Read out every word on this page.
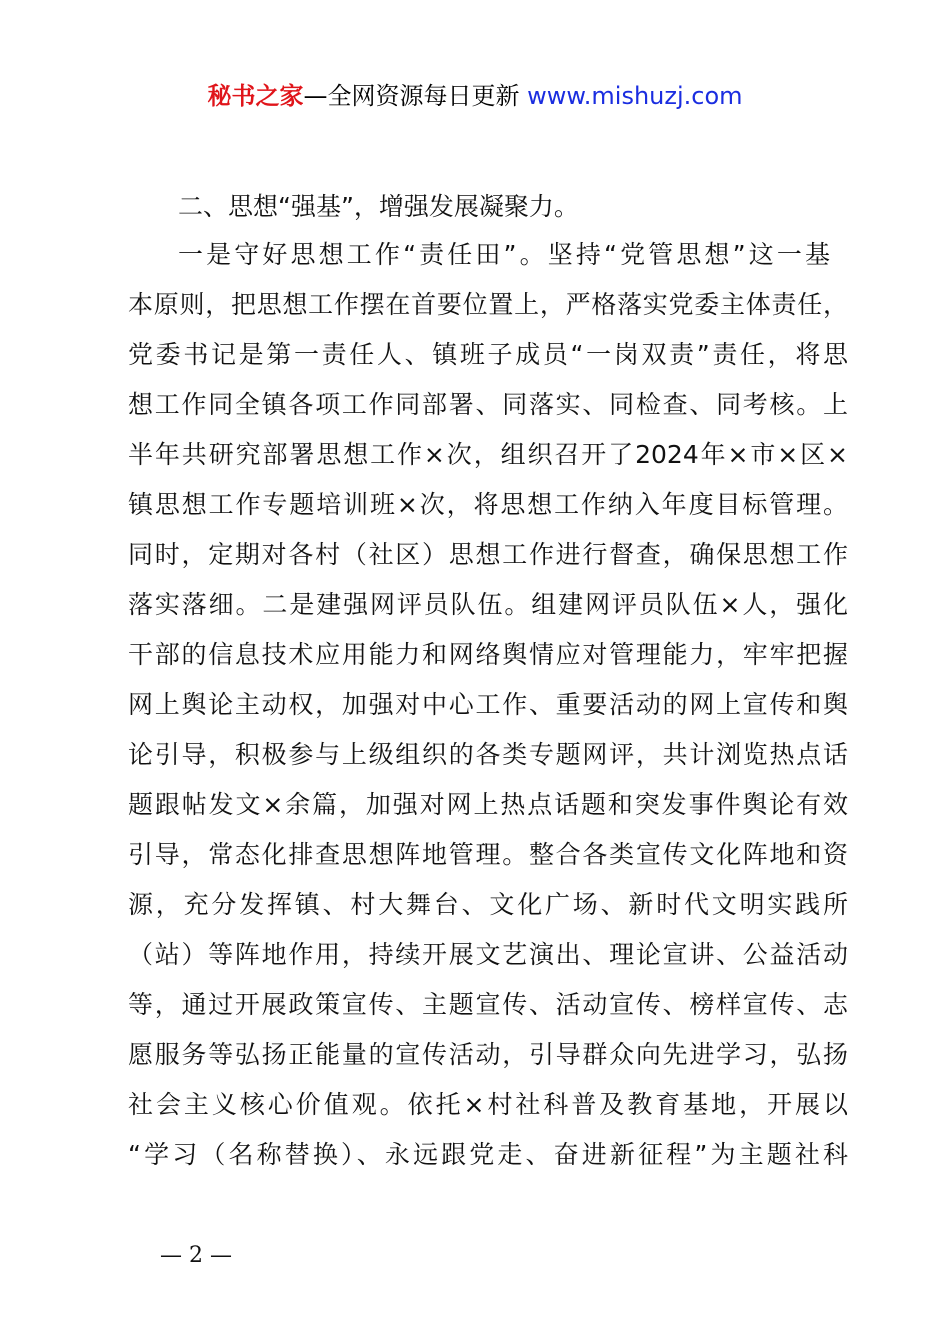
秘书之家—全网资源每日更新 www.mishuzj.com
二、思想“强基”，增强发展凝聚力。
一是守好思想工作“责任田”。坚持“党管思想”这一基
本原则，把思想工作摆在首要位置上，严格落实党委主体责任，
党委书记是第一责任人、镇班子成员“一岗双责”责任，将思
想工作同全镇各项工作同部署、同落实、同检查、同考核。上
半年共研究部署思想工作×次，组织召开了2024年×市×区×
镇思想工作专题培训班×次，将思想工作纳入年度目标管理。
同时，定期对各村（社区）思想工作进行督查，确保思想工作
落实落细。二是建强网评员队伍。组建网评员队伍×人，强化
干部的信息技术应用能力和网络舆情应对管理能力，牢牢把握
网上舆论主动权，加强对中心工作、重要活动的网上宣传和舆
论引导，积极参与上级组织的各类专题网评，共计浏览热点话
题跟帖发文×余篇，加强对网上热点话题和突发事件舆论有效
引导，常态化排查思想阵地管理。整合各类宣传文化阵地和资
源，充分发挥镇、村大舞台、文化广场、新时代文明实践所
（站）等阵地作用，持续开展文艺演出、理论宣讲、公益活动
等，通过开展政策宣传、主题宣传、活动宣传、榜样宣传、志
愿服务等弘扬正能量的宣传活动，引导群众向先进学习，弘扬
社会主义核心价值观。依托×村社科普及教育基地，开展以
“学习（名称替换）、永远跟党走、奋进新征程”为主题社科
— 2 —
